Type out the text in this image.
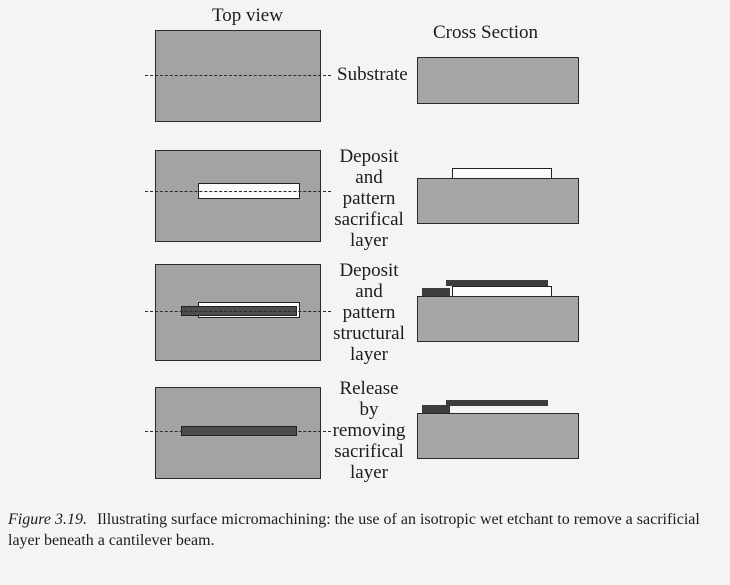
Top view
Cross Section
Substrate
Deposit
and
pattern
sacrifical
layer
Deposit
and
pattern
structural
layer
Release
by
removing
sacrifical
layer
Figure 3.19. Illustrating surface micromachining: the use of an isotropic wet etchant to remove a sacrificial layer beneath a cantilever beam.
